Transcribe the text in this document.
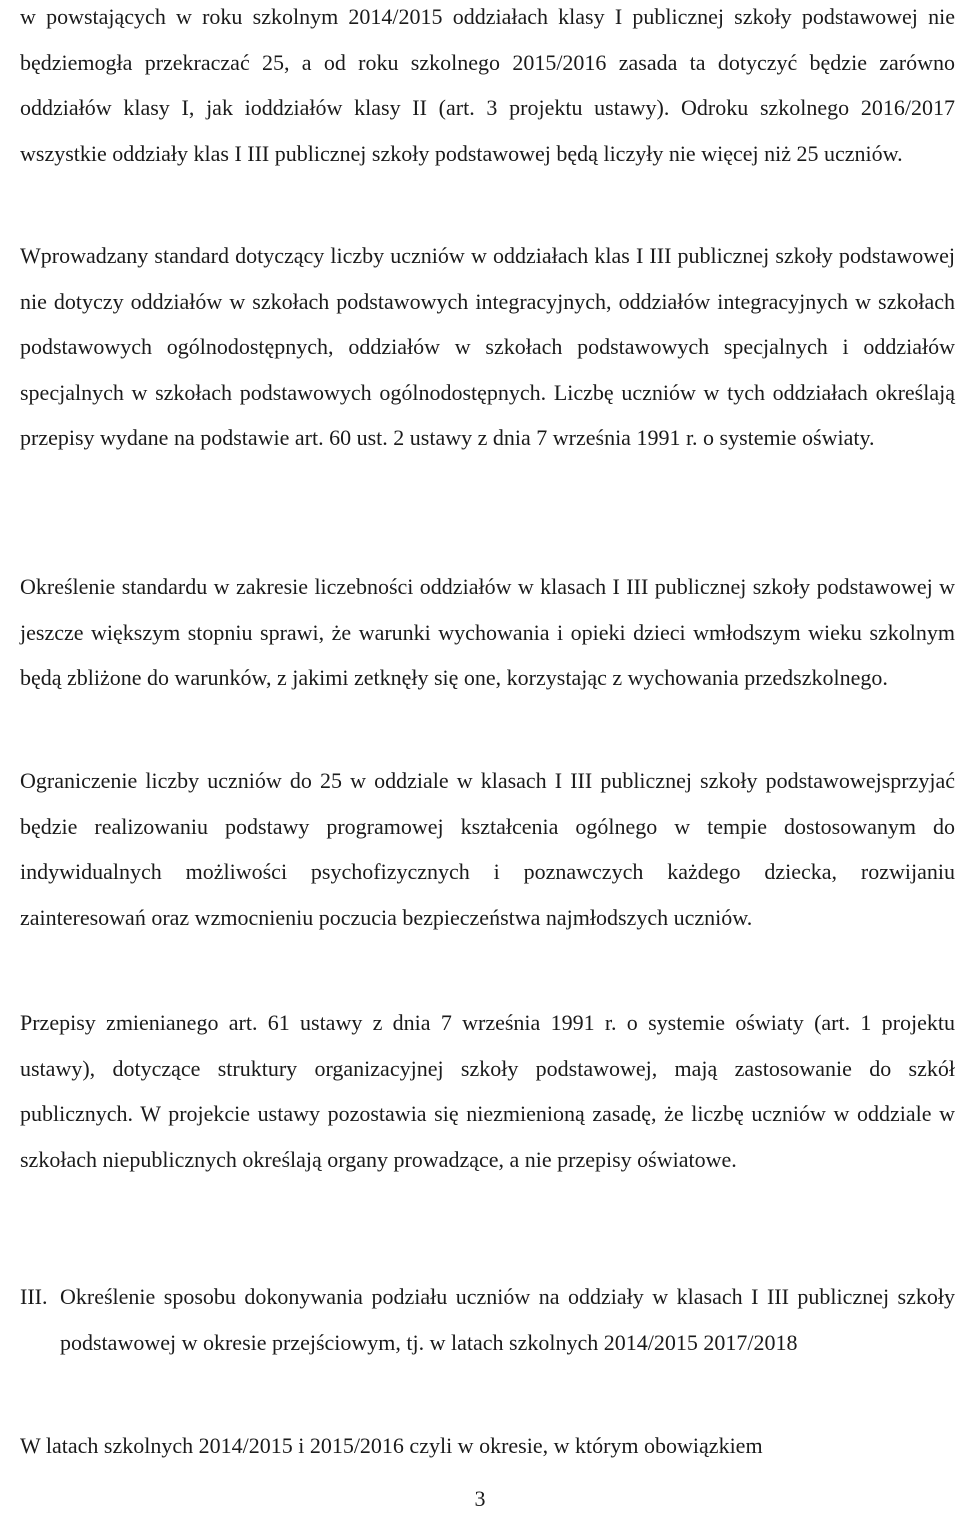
w powstających w roku szkolnym 2014/2015 oddziałach klasy I publicznej szkoły podstawowej nie będziemogła przekraczać 25, a od roku szkolnego 2015/2016 zasada ta dotyczyć będzie zarówno oddziałów klasy I, jak ioddziałów klasy II (art. 3 projektu ustawy). Odroku szkolnego 2016/2017 wszystkie oddziały klas I III publicznej szkoły podstawowej będą liczyły nie więcej niż 25 uczniów.

Wprowadzany standard dotyczący liczby uczniów w oddziałach klas I III publicznej szkoły podstawowej nie dotyczy oddziałów w szkołach podstawowych integracyjnych, oddziałów integracyjnych w szkołach podstawowych ogólnodostępnych, oddziałów w szkołach podstawowych specjalnych i oddziałów specjalnych w szkołach podstawowych ogólnodostępnych. Liczbę uczniów w tych oddziałach określają przepisy wydane na podstawie art. 60 ust. 2 ustawy z dnia 7 września 1991 r. o systemie oświaty.

Określenie standardu w zakresie liczebności oddziałów w klasach I III publicznej szkoły podstawowej w jeszcze większym stopniu sprawi, że warunki wychowania i opieki dzieci wmłodszym wieku szkolnym będą zbliżone do warunków, z jakimi zetknęły się one, korzystając z wychowania przedszkolnego.

Ograniczenie liczby uczniów do 25 w oddziale w klasach I III publicznej szkoły podstawowejsprzyjać będzie realizowaniu podstawy programowej kształcenia ogólnego w tempie dostosowanym do indywidualnych możliwości psychofizycznych i poznawczych każdego dziecka, rozwijaniu zainteresowań oraz wzmocnieniu poczucia bezpieczeństwa najmłodszych uczniów.

Przepisy zmienianego art. 61 ustawy z dnia 7 września 1991 r. o systemie oświaty (art. 1 projektu ustawy), dotyczące struktury organizacyjnej szkoły podstawowej, mają zastosowanie do szkół publicznych. W projekcie ustawy pozostawia się niezmienioną zasadę, że liczbę uczniów w oddziale w szkołach niepublicznych określają organy prowadzące, a nie przepisy oświatowe.

III. Określenie sposobu dokonywania podziału uczniów na oddziały w klasach I III publicznej szkoły podstawowej w okresie przejściowym, tj. w latach szkolnych 2014/2015 2017/2018

W latach szkolnych 2014/2015 i 2015/2016 czyli w okresie, w którym obowiązkiem

3
